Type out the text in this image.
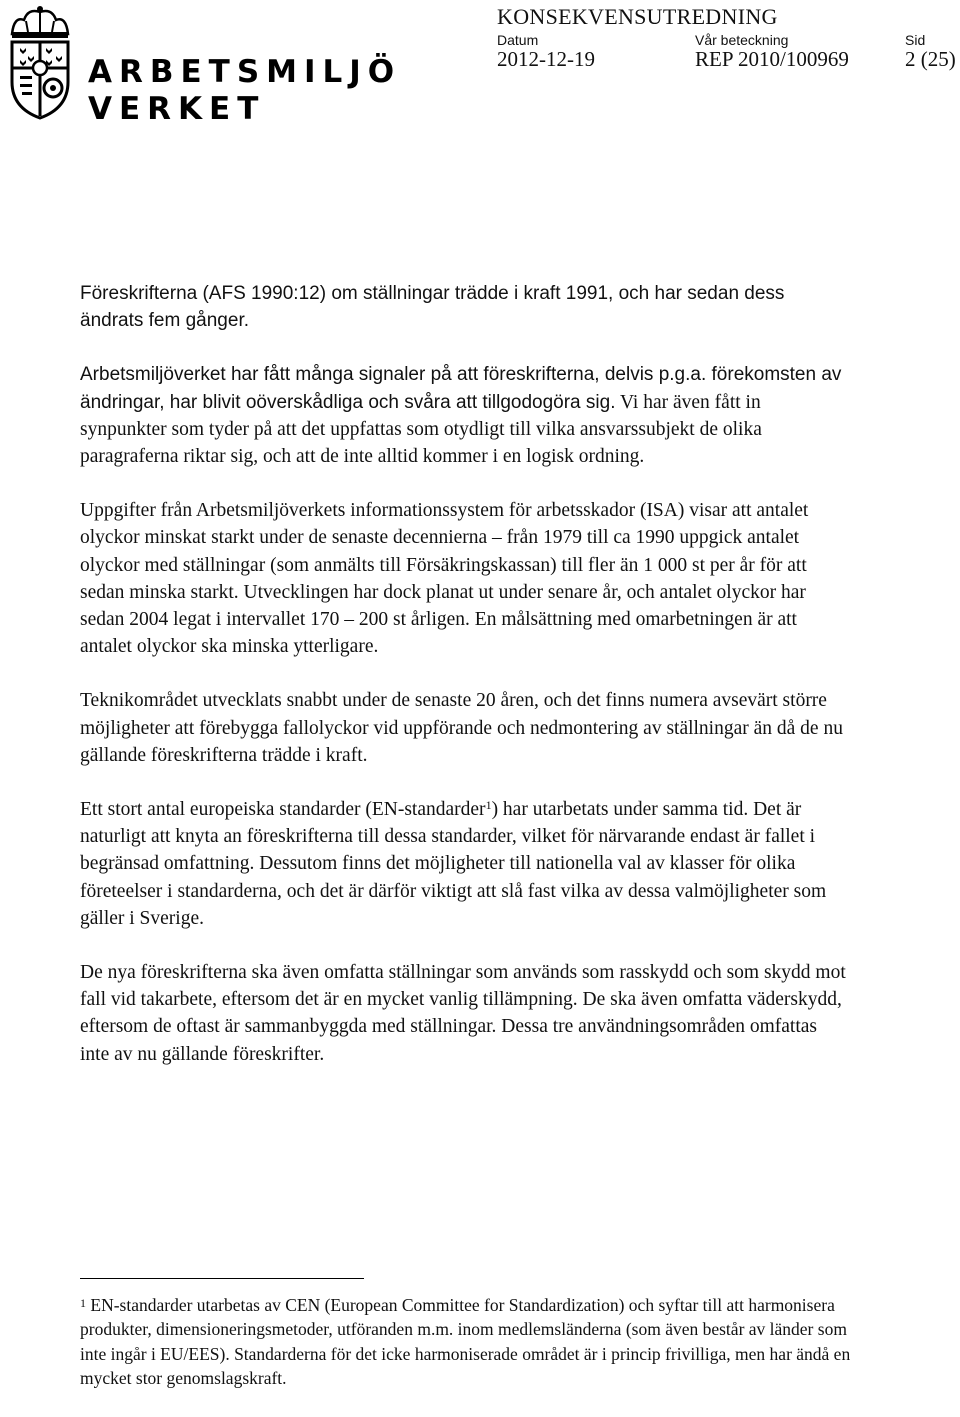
ARBETSMILJÖ
VERKET
KONSEKVENSUTREDNING
Datum	Vår beteckning	Sid
2012-12-19	REP 2010/100969	2 (25)

Föreskrifterna (AFS 1990:12) om ställningar trädde i kraft 1991, och har sedan dess ändrats fem gånger.

Arbetsmiljöverket har fått många signaler på att föreskrifterna, delvis p.g.a. förekomsten av ändringar, har blivit oöverskådliga och svåra att tillgodogöra sig. Vi har även fått in synpunkter som tyder på att det uppfattas som otydligt till vilka ansvarssubjekt de olika paragraferna riktar sig, och att de inte alltid kommer i en logisk ordning.

Uppgifter från Arbetsmiljöverkets informationssystem för arbetsskador (ISA) visar att antalet olyckor minskat starkt under de senaste decennierna – från 1979 till ca 1990 uppgick antalet olyckor med ställningar (som anmälts till Försäkringskassan) till fler än 1 000 st per år för att sedan minska starkt. Utvecklingen har dock planat ut under senare år, och antalet olyckor har sedan 2004 legat i intervallet 170 – 200 st årligen. En målsättning med omarbetningen är att antalet olyckor ska minska ytterligare.

Teknikområdet utvecklats snabbt under de senaste 20 åren, och det finns numera avsevärt större möjligheter att förebygga fallolyckor vid uppförande och nedmontering av ställningar än då de nu gällande föreskrifterna trädde i kraft.

Ett stort antal europeiska standarder (EN-standarder$^1$) har utarbetats under samma tid. Det är naturligt att knyta an föreskrifterna till dessa standarder, vilket för närvarande endast är fallet i begränsad omfattning. Dessutom finns det möjligheter till nationella val av klasser för olika företeelser i standarderna, och det är därför viktigt att slå fast vilka av dessa valmöjligheter som gäller i Sverige.

De nya föreskrifterna ska även omfatta ställningar som används som rasskydd och som skydd mot fall vid takarbete, eftersom det är en mycket vanlig tillämpning. De ska även omfatta väderskydd, eftersom de oftast är sammanbyggda med ställningar. Dessa tre användningsområden omfattas inte av nu gällande föreskrifter.

$^1$ EN-standarder utarbetas av CEN (European Committee for Standardization) och syftar till att harmonisera produkter, dimensioneringsmetoder, utföranden m.m. inom medlemsländerna (som även består av länder som inte ingår i EU/EES). Standarderna för det icke harmoniserade området är i princip frivilliga, men har ändå en mycket stor genomslagskraft.
